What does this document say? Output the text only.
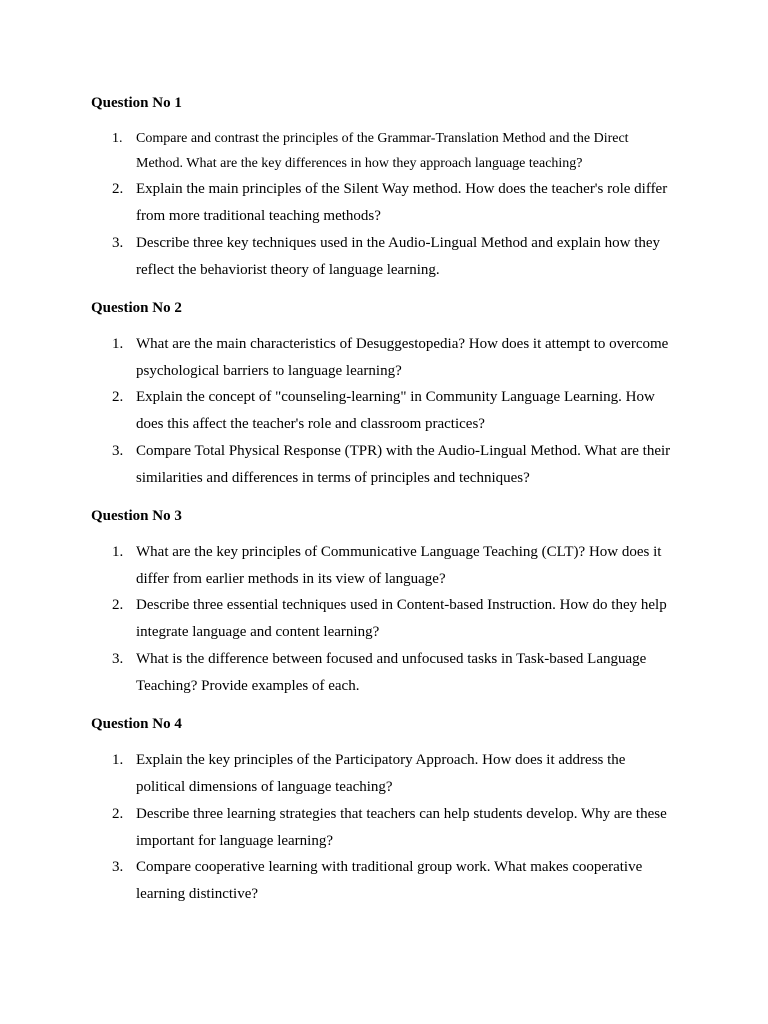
Question No 1
1. Compare and contrast the principles of the Grammar-Translation Method and the Direct Method. What are the key differences in how they approach language teaching?
2. Explain the main principles of the Silent Way method. How does the teacher's role differ from more traditional teaching methods?
3. Describe three key techniques used in the Audio-Lingual Method and explain how they reflect the behaviorist theory of language learning.
Question No 2
1. What are the main characteristics of Desuggestopedia? How does it attempt to overcome psychological barriers to language learning?
2. Explain the concept of "counseling-learning" in Community Language Learning. How does this affect the teacher's role and classroom practices?
3. Compare Total Physical Response (TPR) with the Audio-Lingual Method. What are their similarities and differences in terms of principles and techniques?
Question No 3
1. What are the key principles of Communicative Language Teaching (CLT)? How does it differ from earlier methods in its view of language?
2. Describe three essential techniques used in Content-based Instruction. How do they help integrate language and content learning?
3. What is the difference between focused and unfocused tasks in Task-based Language Teaching? Provide examples of each.
Question No 4
1. Explain the key principles of the Participatory Approach. How does it address the political dimensions of language teaching?
2. Describe three learning strategies that teachers can help students develop. Why are these important for language learning?
3. Compare cooperative learning with traditional group work. What makes cooperative learning distinctive?
